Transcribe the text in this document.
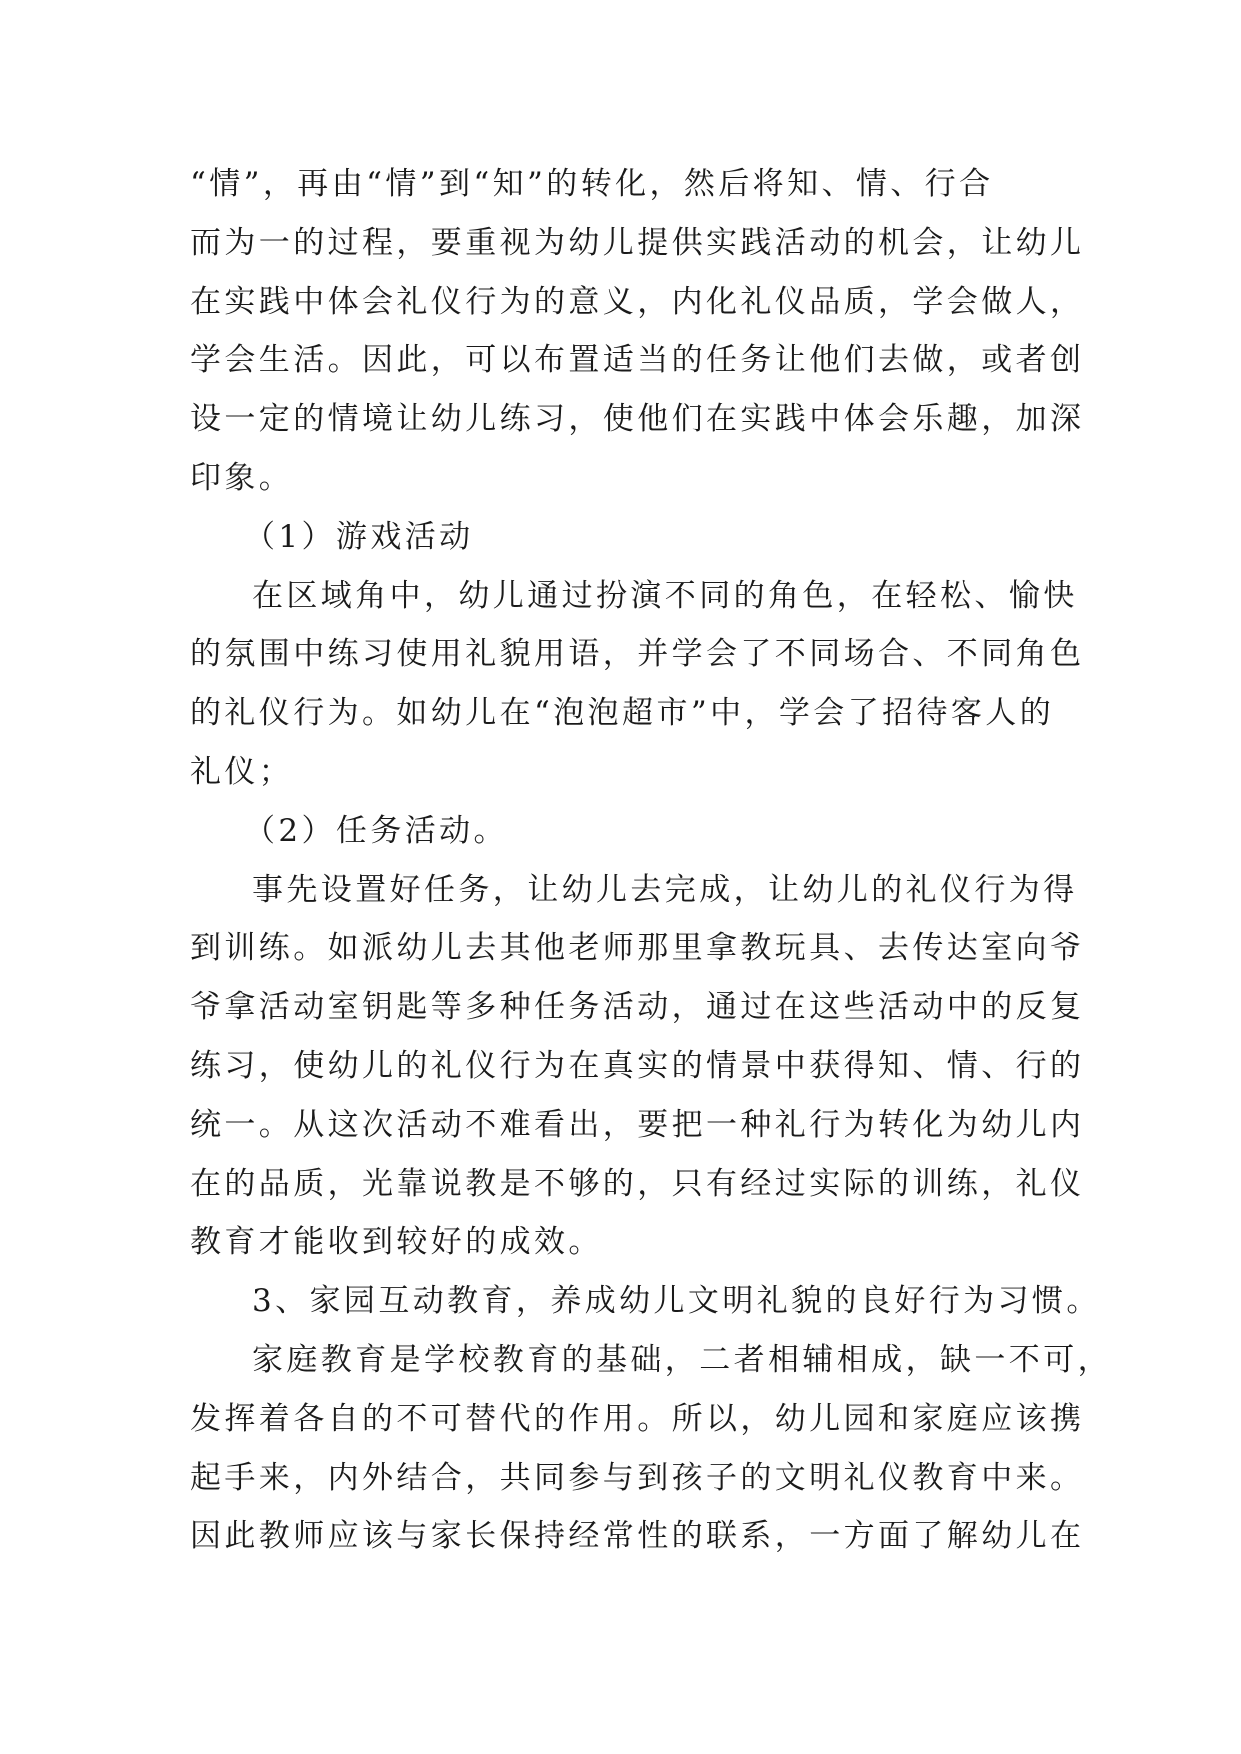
“情”，再由“情”到“知”的转化，然后将知、情、行合
而为一的过程，要重视为幼儿提供实践活动的机会，让幼儿
在实践中体会礼仪行为的意义，内化礼仪品质，学会做人，
学会生活。因此，可以布置适当的任务让他们去做，或者创
设一定的情境让幼儿练习，使他们在实践中体会乐趣，加深
印象。
（1）游戏活动
在区域角中，幼儿通过扮演不同的角色，在轻松、愉快
的氛围中练习使用礼貌用语，并学会了不同场合、不同角色
的礼仪行为。如幼儿在“泡泡超市”中，学会了招待客人的
礼仪；
（2）任务活动。
事先设置好任务，让幼儿去完成，让幼儿的礼仪行为得
到训练。如派幼儿去其他老师那里拿教玩具、去传达室向爷
爷拿活动室钥匙等多种任务活动，通过在这些活动中的反复
练习，使幼儿的礼仪行为在真实的情景中获得知、情、行的
统一。从这次活动不难看出，要把一种礼行为转化为幼儿内
在的品质，光靠说教是不够的，只有经过实际的训练，礼仪
教育才能收到较好的成效。
3、家园互动教育，养成幼儿文明礼貌的良好行为习惯。
家庭教育是学校教育的基础，二者相辅相成，缺一不可，
发挥着各自的不可替代的作用。所以，幼儿园和家庭应该携
起手来，内外结合，共同参与到孩子的文明礼仪教育中来。
因此教师应该与家长保持经常性的联系，一方面了解幼儿在
